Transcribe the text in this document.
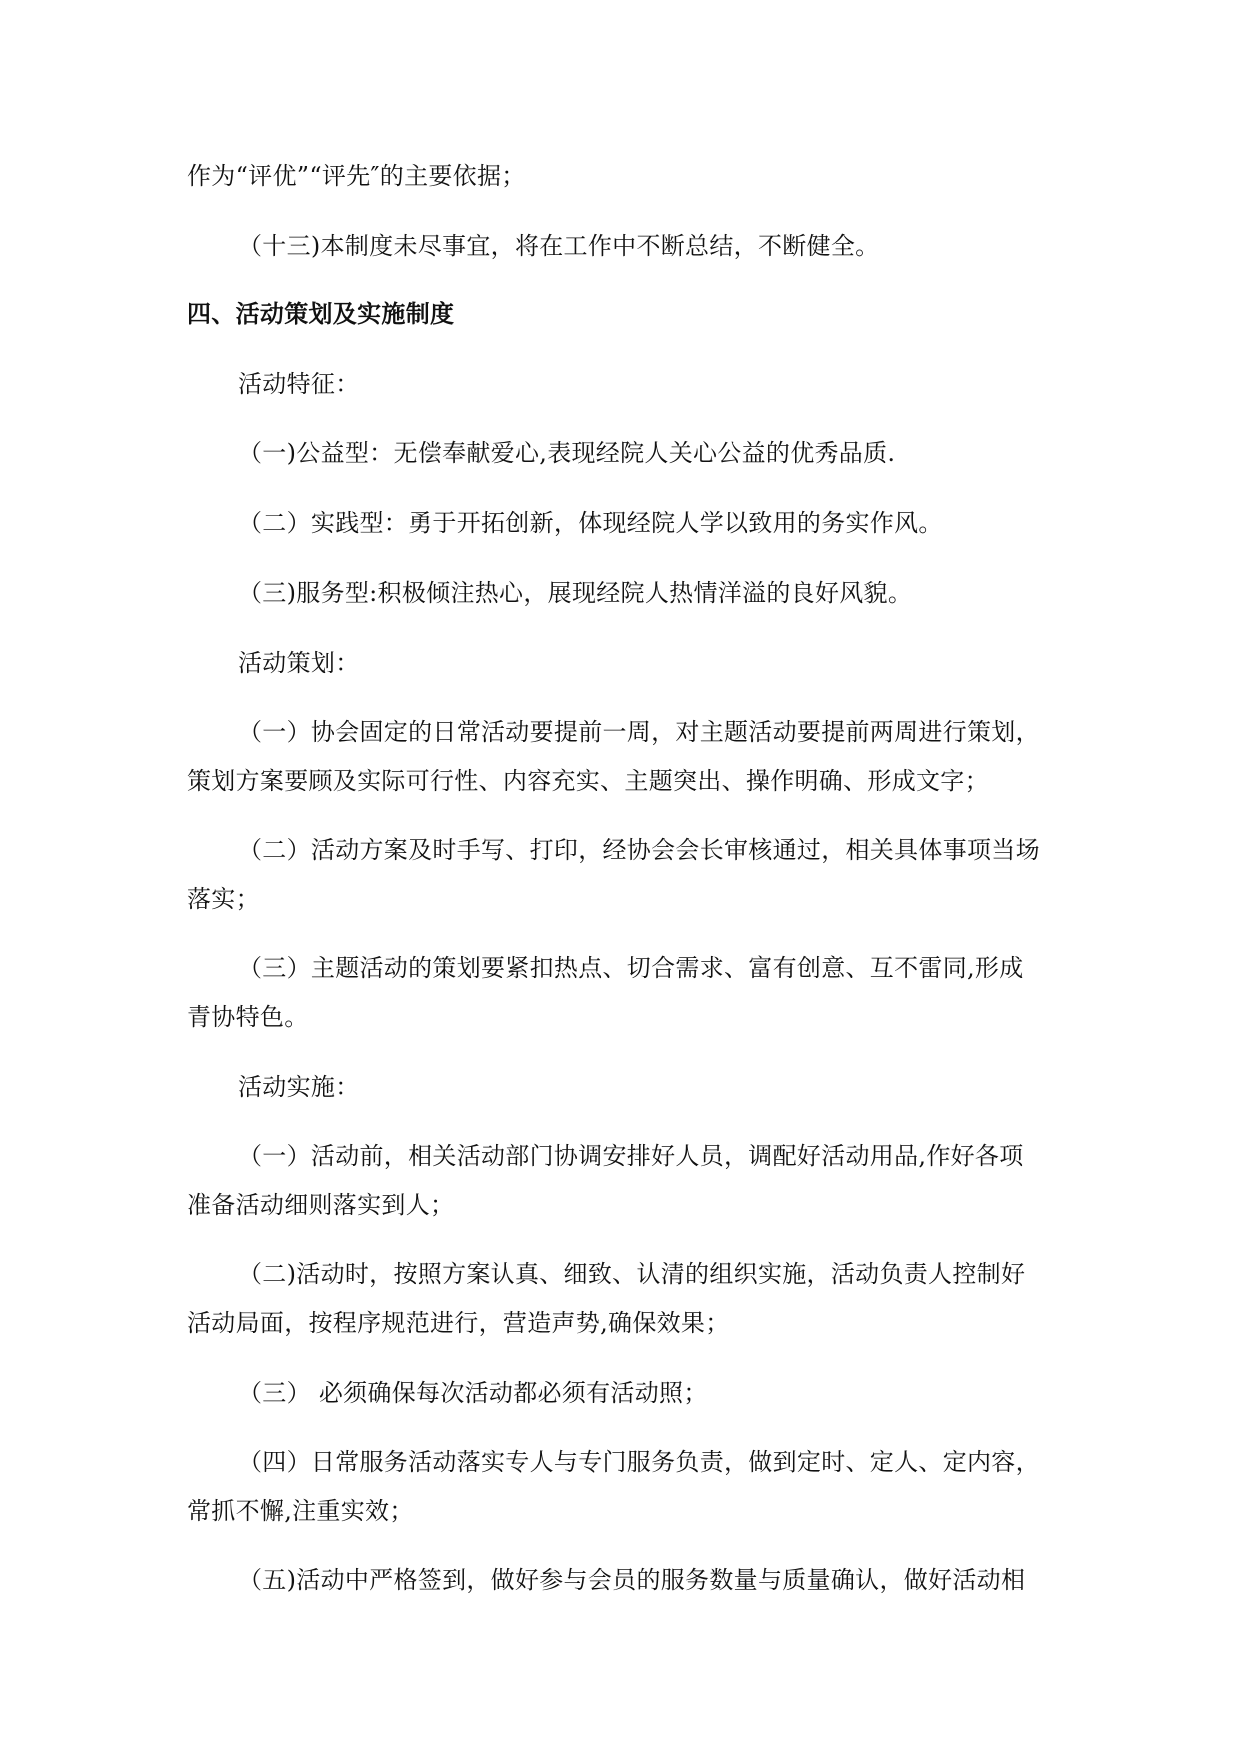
作为“评优”“评先″的主要依据；

（十三)本制度未尽事宜，将在工作中不断总结，不断健全。

四、活动策划及实施制度

活动特征：

（一)公益型：无偿奉献爱心,表现经院人关心公益的优秀品质.

（二）实践型：勇于开拓创新，体现经院人学以致用的务实作风。

（三)服务型:积极倾注热心，展现经院人热情洋溢的良好风貌。

活动策划：

（一）协会固定的日常活动要提前一周，对主题活动要提前两周进行策划，

策划方案要顾及实际可行性、内容充实、主题突出、操作明确、形成文字；

（二）活动方案及时手写、打印，经协会会长审核通过，相关具体事项当场

落实；

（三）主题活动的策划要紧扣热点、切合需求、富有创意、互不雷同,形成

青协特色。

活动实施：

（一）活动前，相关活动部门协调安排好人员，调配好活动用品,作好各项

准备活动细则落实到人；

（二)活动时，按照方案认真、细致、认清的组织实施，活动负责人控制好

活动局面，按程序规范进行，营造声势,确保效果；

（三） 必须确保每次活动都必须有活动照；

（四）日常服务活动落实专人与专门服务负责，做到定时、定人、定内容，

常抓不懈,注重实效；

（五)活动中严格签到，做好参与会员的服务数量与质量确认，做好活动相
